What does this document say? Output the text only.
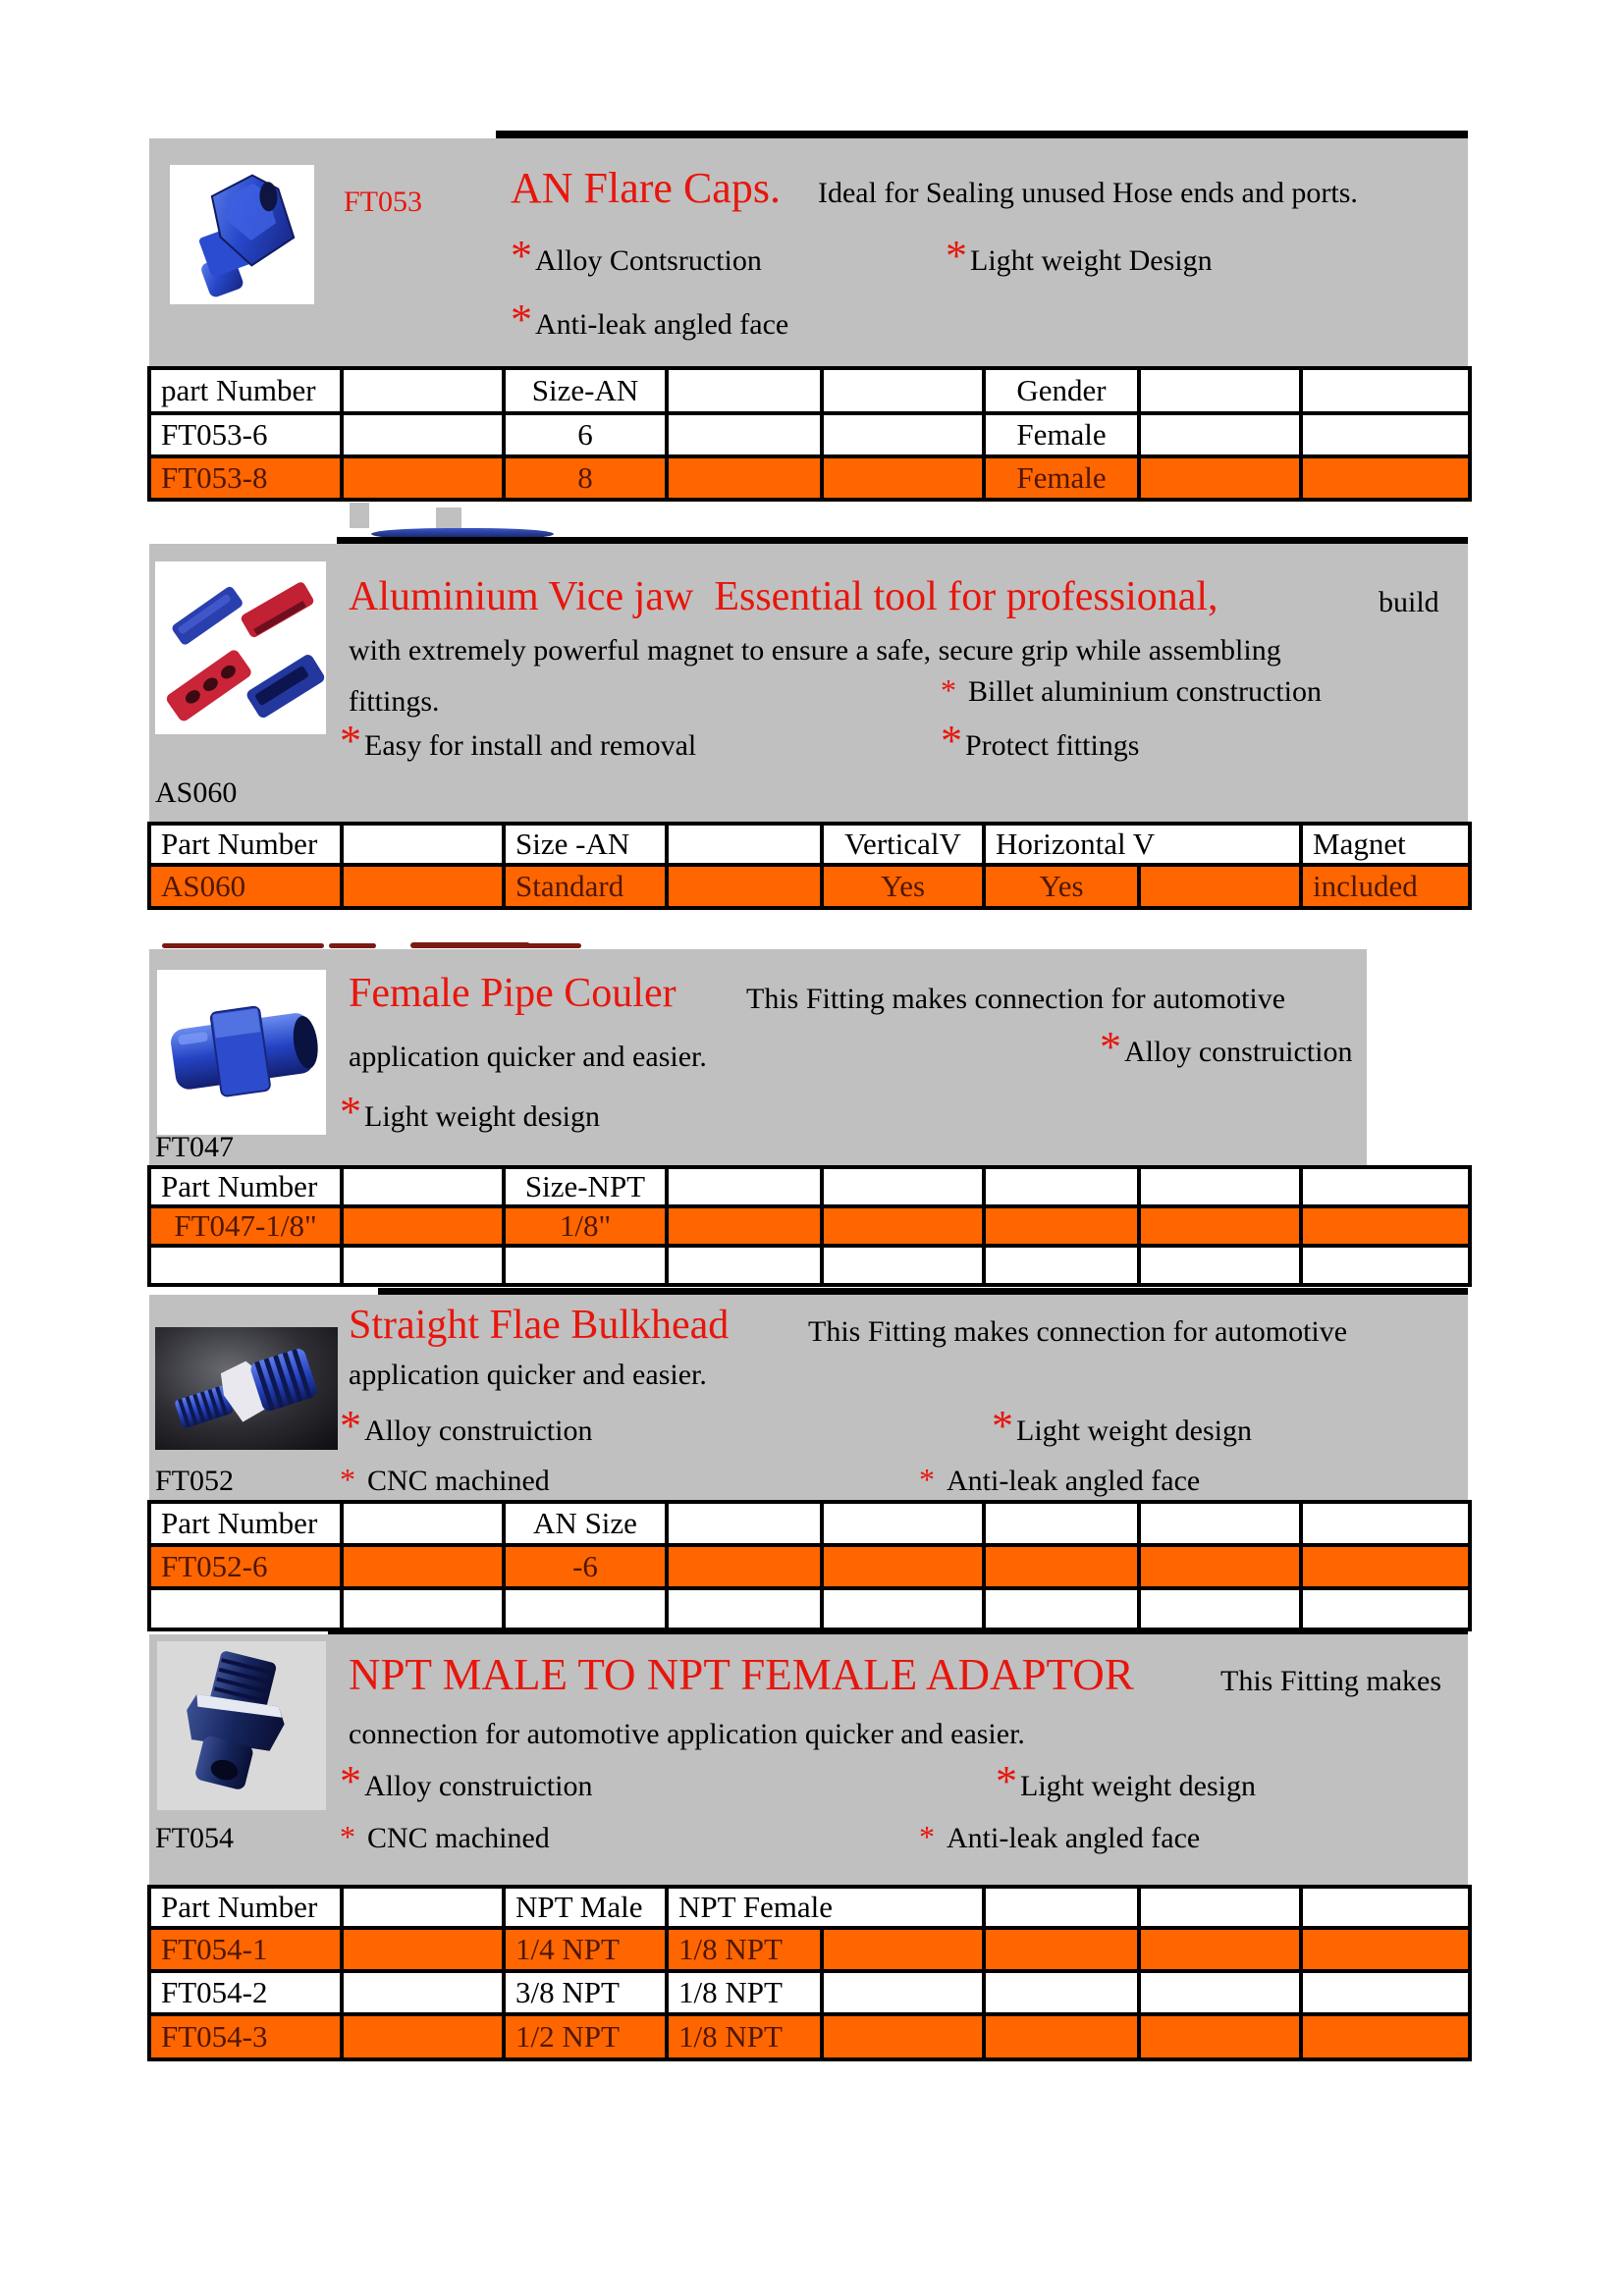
FT053 AN Flare Caps. Ideal for Sealing unused Hose ends and ports.
* Alloy Contsruction	* Light weight Design
* Anti-leak angled face
part Number		Size-AN			Gender		
FT053-6		6			Female		
FT053-8		8			Female		
Aluminium Vice jaw  Essential tool for professional,	build
with extremely powerful magnet to ensure a safe, secure grip while assembling
fittings.	* Billet aluminium construction
* Easy for install and removal	* Protect fittings
AS060
Part Number		Size -AN		VerticalV	Horizontal V		Magnet
AS060		Standard		Yes	Yes		included
Female Pipe Couler This Fitting makes connection for automotive
application quicker and easier.	* Alloy construiction
* Light weight design
FT047
Part Number		Size-NPT					
FT047-1/8"		1/8"					

Straight Flae Bulkhead	This Fitting makes connection for automotive
application quicker and easier.
* Alloy construiction	* Light weight design
* CNC machined	* Anti-leak angled face
FT052
Part Number		AN Size					
FT052-6		-6					

NPT MALE TO NPT FEMALE ADAPTOR	This Fitting makes
connection for automotive application quicker and easier.
* Alloy construiction	* Light weight design
* CNC machined	* Anti-leak angled face
FT054
Part Number		NPT Male	NPT Female				
FT054-1		1/4 NPT	1/8 NPT				
FT054-2		3/8 NPT	1/8 NPT				
FT054-3		1/2 NPT	1/8 NPT				
